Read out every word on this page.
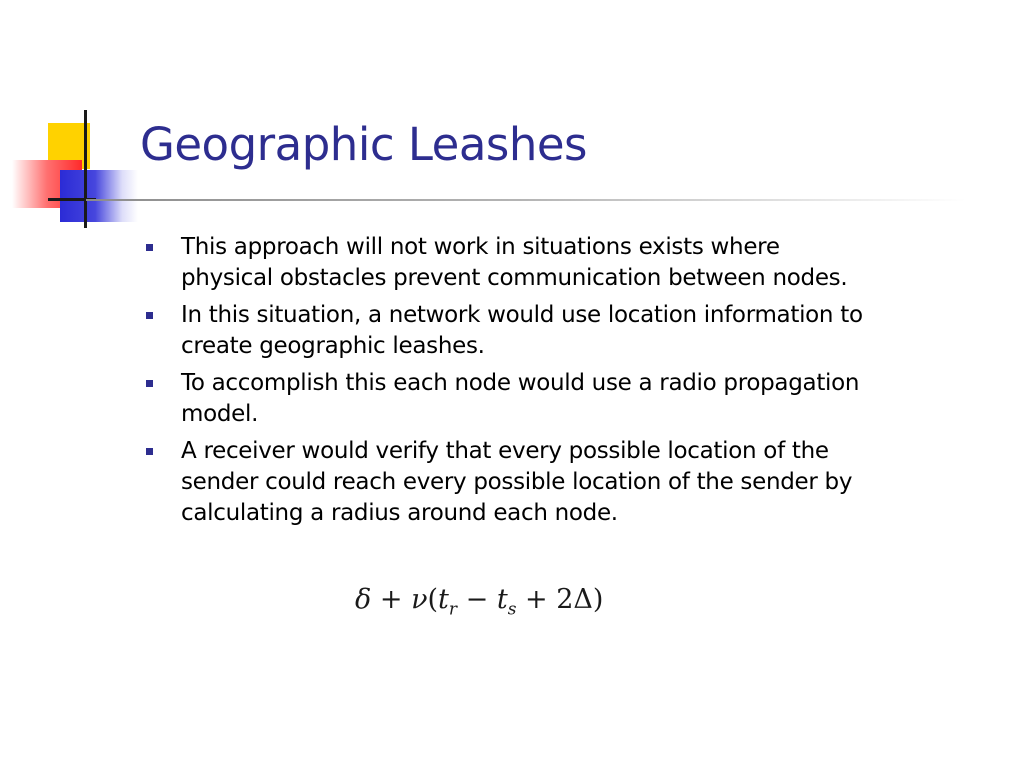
Geographic Leashes
This approach will not work in situations exists where physical obstacles prevent communication between nodes.
In this situation, a network would use location information to create geographic leashes.
To accomplish this each node would use a radio propagation model.
A receiver would verify that every possible location of the sender could reach every possible location of the sender by calculating a radius around each node.
$\delta + \nu(t_r - t_s + 2\Delta)$
